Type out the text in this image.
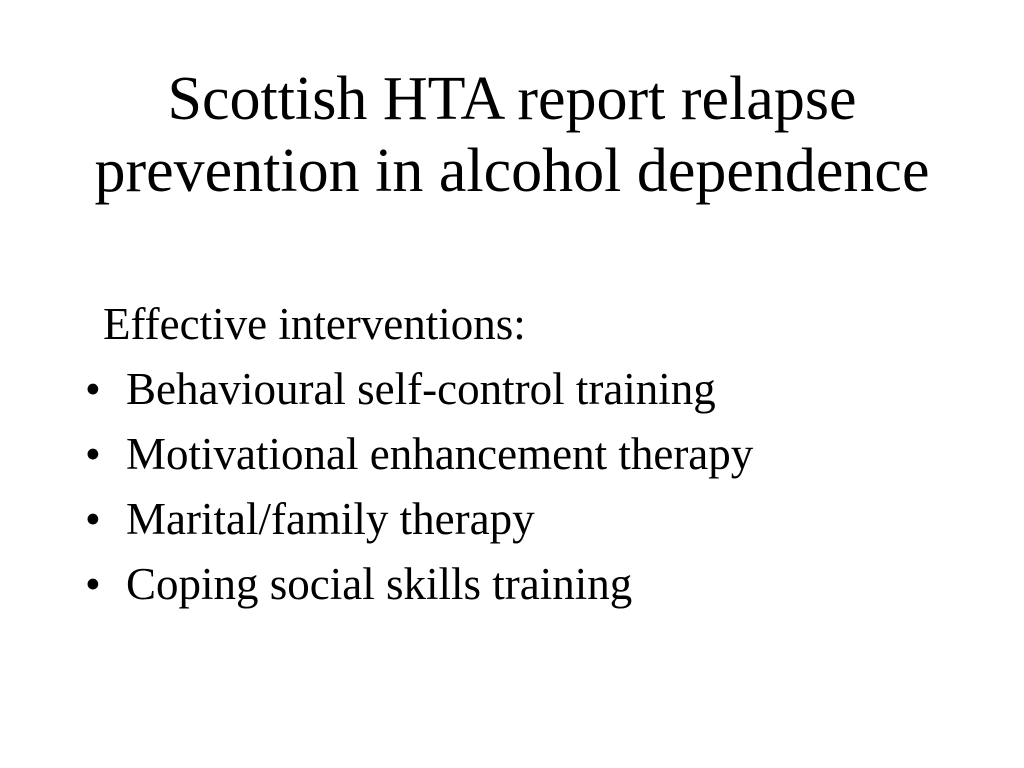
Scottish HTA report relapse
prevention in alcohol dependence
Effective interventions:
• Behavioural self-control training
• Motivational enhancement therapy
• Marital/family therapy
• Coping social skills training
